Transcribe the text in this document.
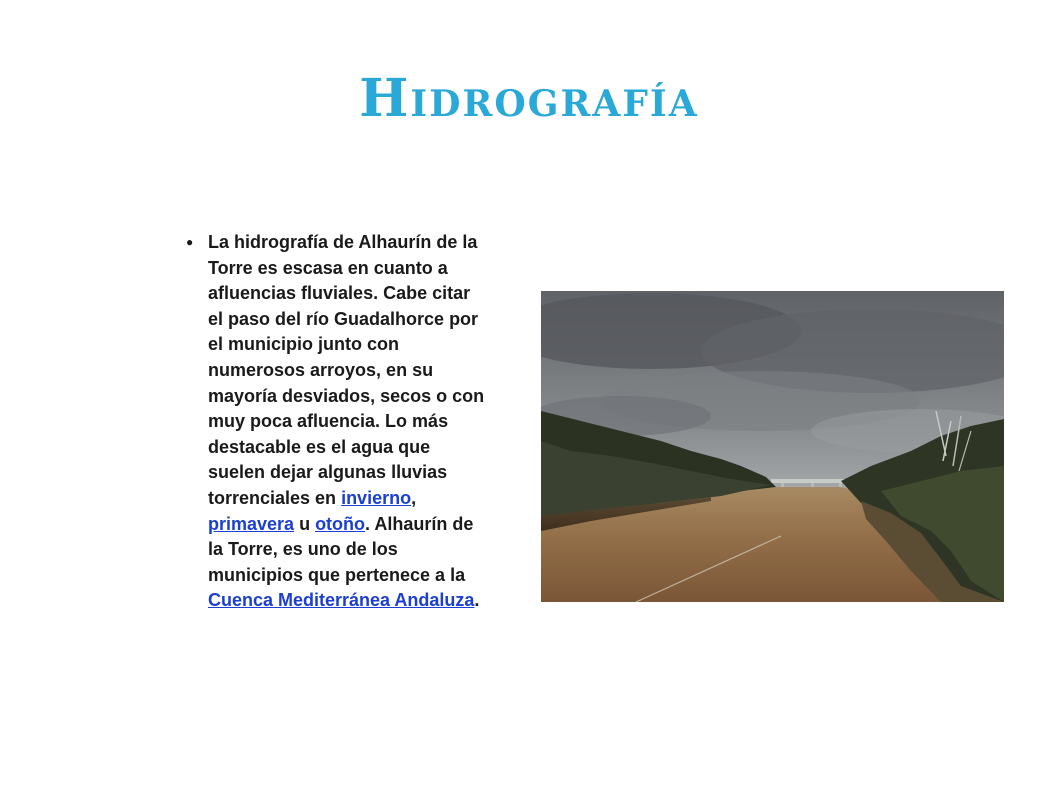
Hidrografía
● La hidrografía de Alhaurín de la Torre es escasa en cuanto a afluencias fluviales. Cabe citar el paso del río Guadalhorce por el municipio junto con numerosos arroyos, en su mayoría desviados, secos o con muy poca afluencia. Lo más destacable es el agua que suelen dejar algunas lluvias torrenciales en invierno, primavera u otoño. Alhaurín de la Torre, es uno de los municipios que pertenece a la Cuenca Mediterránea Andaluza.
